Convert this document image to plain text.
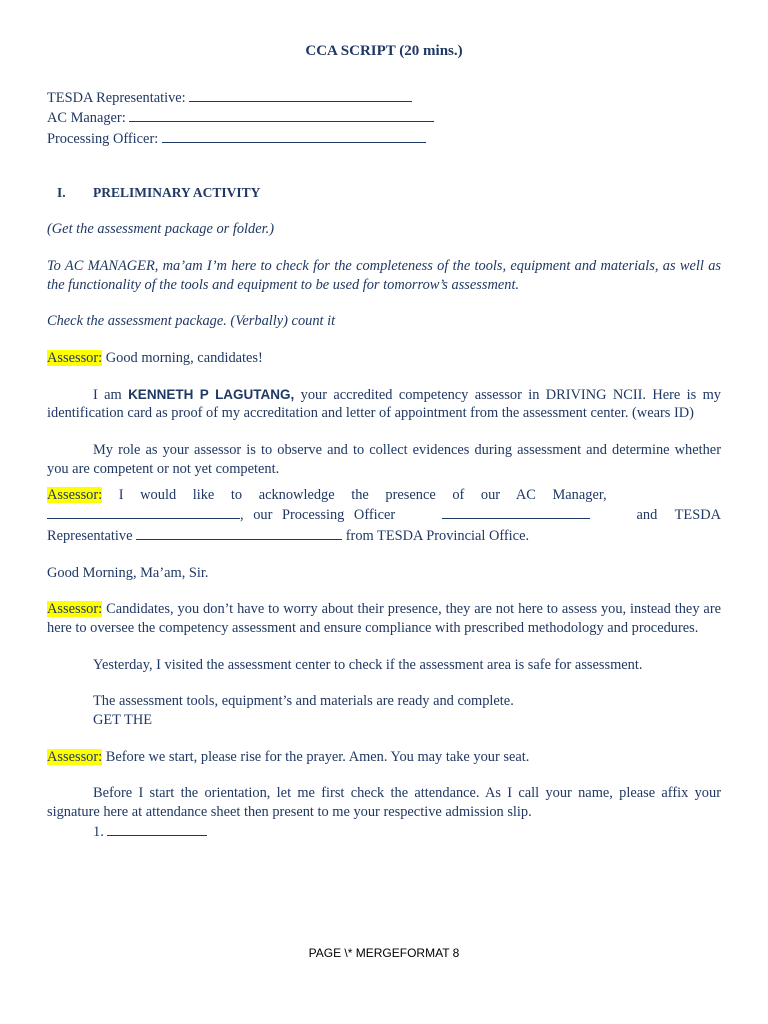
CCA SCRIPT (20 mins.)
TESDA Representative:
AC Manager:
Processing Officer:
I. PRELIMINARY ACTIVITY

(Get the assessment package or folder.)

To AC MANAGER, ma’am I’m here to check for the completeness of the tools, equipment and materials, as well as the functionality of the tools and equipment to be used for tomorrow’s assessment.

Check the assessment package. (Verbally) count it

Assessor: Good morning, candidates!

I am KENNETH P LAGUTANG, your accredited competency assessor in DRIVING NCII. Here is my identification card as proof of my accreditation and letter of appointment from the assessment center. (wears ID)

My role as your assessor is to observe and to collect evidences during assessment and determine whether you are competent or not yet competent.

Assessor: I would like to acknowledge the presence of our AC Manager,

, our Processing Officer	and TESDA
Representative	from TESDA Provincial Office.

Good Morning, Ma’am, Sir.

Assessor: Candidates, you don’t have to worry about their presence, they are not here to assess you, instead they are here to oversee the competency assessment and ensure compliance with prescribed methodology and procedures.

Yesterday, I visited the assessment center to check if the assessment area is safe for assessment.

The assessment tools, equipment’s and materials are ready and complete.

GET THE

Assessor: Before we start, please rise for the prayer. Amen. You may take your seat.

Before I start the orientation, let me first check the attendance. As I call your name, please affix your signature here at attendance sheet then present to me your respective admission slip.

1.

PAGE \* MERGEFORMAT 8
